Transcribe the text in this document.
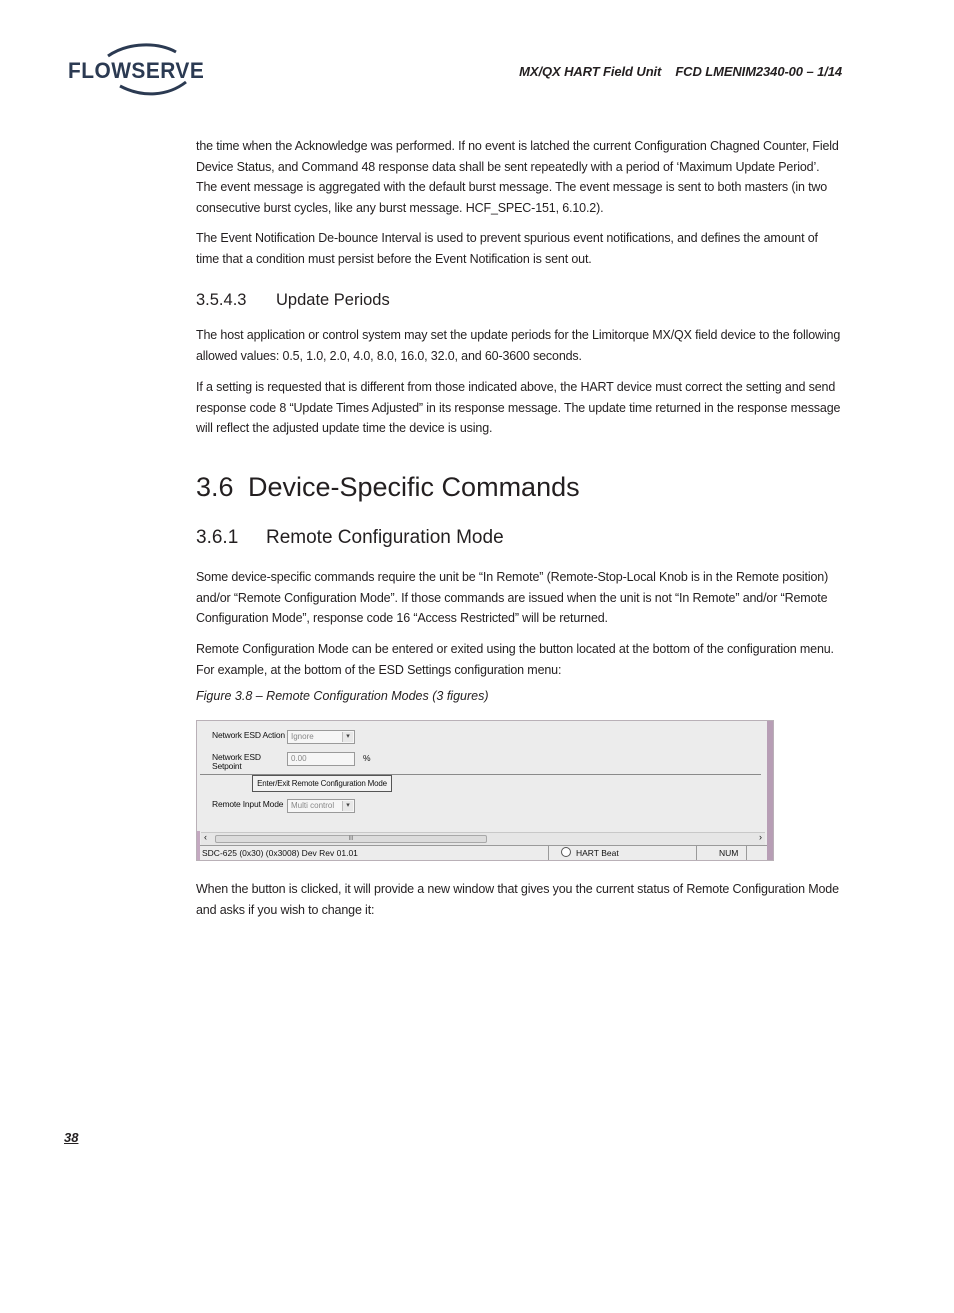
FLOWSERVE	MX/QX HART Field Unit    FCD LMENIM2340-00 – 1/14

the time when the Acknowledge was performed. If no event is latched the current Configuration Chagned Counter, Field Device Status, and Command 48 response data shall be sent repeatedly with a period of ‘Maximum Update Period’. The event message is aggregated with the default burst message. The event message is sent to both masters (in two consecutive burst cycles, like any burst message. HCF_SPEC-151, 6.10.2).

The Event Notification De-bounce Interval is used to prevent spurious event notifications, and defines the amount of time that a condition must persist before the Event Notification is sent out.

3.5.4.3 Update Periods

The host application or control system may set the update periods for the Limitorque MX/QX field device to the following allowed values: 0.5, 1.0, 2.0, 4.0, 8.0, 16.0, 32.0, and 60-3600 seconds.

If a setting is requested that is different from those indicated above, the HART device must correct the setting and send response code 8 “Update Times Adjusted” in its response message. The update time returned in the response message will reflect the adjusted update time the device is using.

3.6 Device-Specific Commands
3.6.1 Remote Configuration Mode

Some device-specific commands require the unit be “In Remote” (Remote-Stop-Local Knob is in the Remote position) and/or “Remote Configuration Mode”. If those commands are issued when the unit is not “In Remote” and/or “Remote Configuration Mode”, response code 16 “Access Restricted” will be returned.

Remote Configuration Mode can be entered or exited using the button located at the bottom of the configuration menu. For example, at the bottom of the ESD Settings configuration menu:

Figure 3.8 – Remote Configuration Modes (3 figures)
Network ESD Action Ignore	▾
Network ESD
Setpoint
0.00	%
Enter/Exit Remote Configuration Mode
Remote Input Mode Multi control	▾
‹	III	›
SDC-625 (0x30) (0x3008) Dev Rev 01.01	HART Beat	NUM

When the button is clicked, it will provide a new window that gives you the current status of Remote Configuration Mode and asks if you wish to change it:

38
